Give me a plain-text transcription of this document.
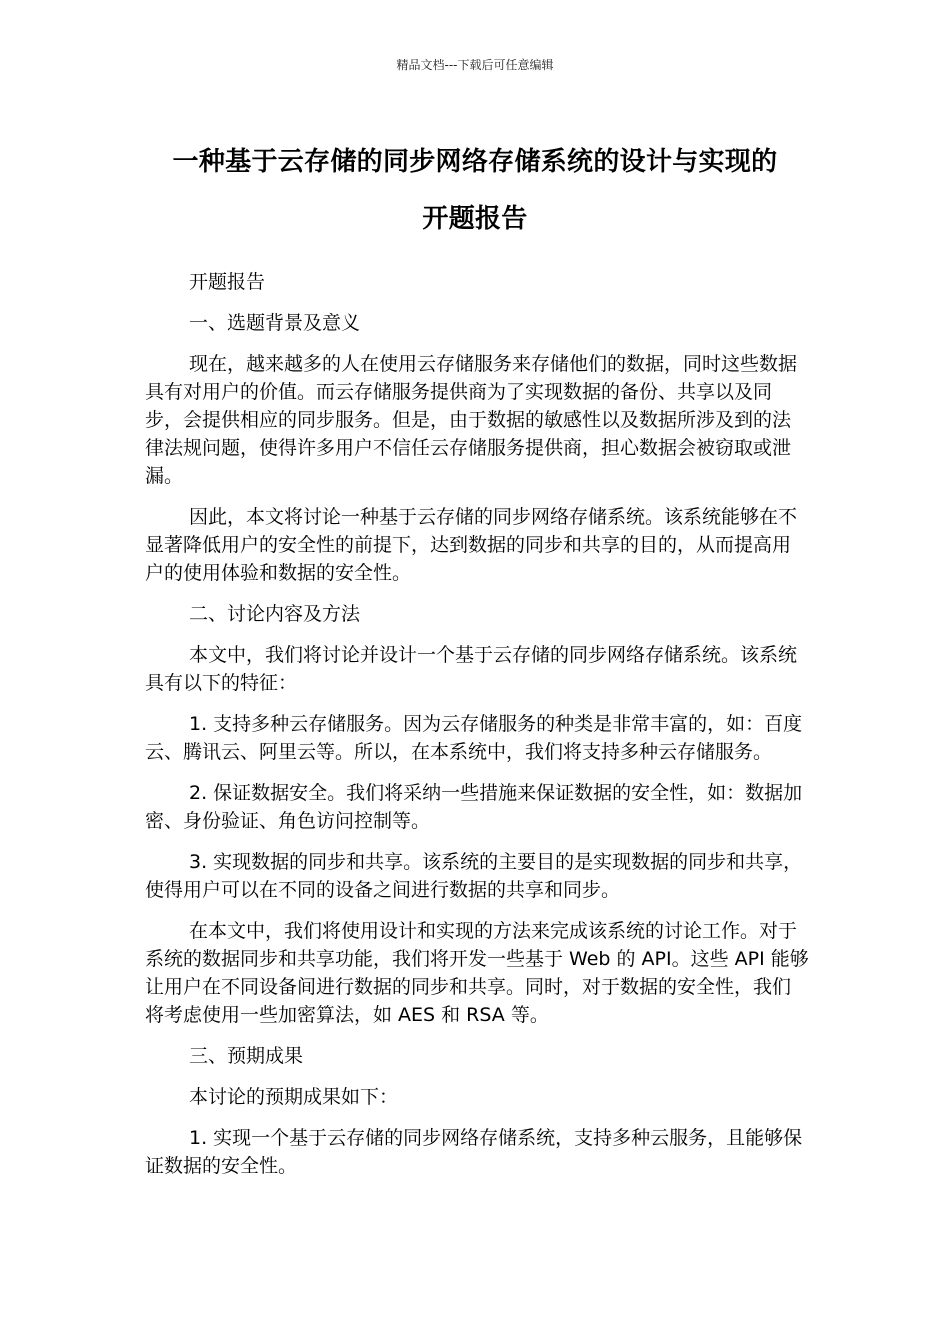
精品文档---下载后可任意编辑
一种基于云存储的同步网络存储系统的设计与实现的
开题报告

开题报告

一、选题背景及意义

现在，越来越多的人在使用云存储服务来存储他们的数据，同时这些数据具有对用户的价值。而云存储服务提供商为了实现数据的备份、共享以及同步，会提供相应的同步服务。但是，由于数据的敏感性以及数据所涉及到的法律法规问题，使得许多用户不信任云存储服务提供商，担心数据会被窃取或泄漏。

因此，本文将讨论一种基于云存储的同步网络存储系统。该系统能够在不显著降低用户的安全性的前提下，达到数据的同步和共享的目的，从而提高用户的使用体验和数据的安全性。

二、讨论内容及方法

本文中，我们将讨论并设计一个基于云存储的同步网络存储系统。该系统具有以下的特征：

1. 支持多种云存储服务。因为云存储服务的种类是非常丰富的，如：百度云、腾讯云、阿里云等。所以，在本系统中，我们将支持多种云存储服务。

2. 保证数据安全。我们将采纳一些措施来保证数据的安全性，如：数据加密、身份验证、角色访问控制等。

3. 实现数据的同步和共享。该系统的主要目的是实现数据的同步和共享，使得用户可以在不同的设备之间进行数据的共享和同步。

在本文中，我们将使用设计和实现的方法来完成该系统的讨论工作。对于系统的数据同步和共享功能，我们将开发一些基于 Web 的 API。这些 API 能够让用户在不同设备间进行数据的同步和共享。同时，对于数据的安全性，我们将考虑使用一些加密算法，如 AES 和 RSA 等。

三、预期成果

本讨论的预期成果如下：

1. 实现一个基于云存储的同步网络存储系统，支持多种云服务，且能够保证数据的安全性。
